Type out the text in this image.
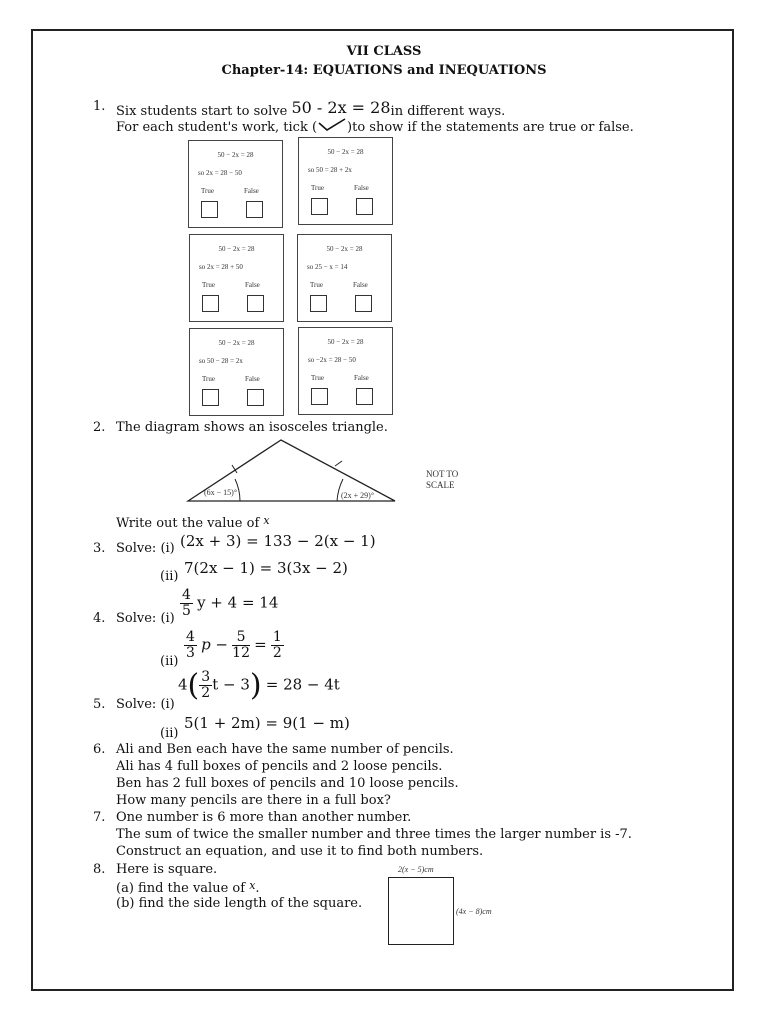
VII CLASS
Chapter-14: EQUATIONS and INEQUATIONS
1. Six students start to solve 50 - 2x = 28in different ways.
For each student's work, tick ( )to show if the statements are true or false.
50 − 2x = 28
so 2x = 28 − 50
True	False
50 − 2x = 28
so 50 = 28 + 2x
True	False
50 − 2x = 28
so 2x = 28 + 50
True	False
50 − 2x = 28
so 25 − x = 14
True	False
50 − 2x = 28
so 50 − 28 = 2x
True	False
50 − 2x = 28
so −2x = 28 − 50
True	False
2. The diagram shows an isosceles triangle.
(6x − 15)°	(2x + 29)°
NOT TO
SCALE
Write out the value of $^x$
3. Solve: (i) (2x + 3) = 133 − 2(x − 1)
(ii) 7(2x − 1) = 3(3x − 2)
4. Solve: $(i) \frac{4}{5}$ y + 4 = 14
$(ii) \frac{4}{3}$ $p - \frac{5}{12} = \frac{1}{2}$
5. Solve: (i)
$4( \frac{3}{2}$ t − 3) = 28 − 4t
(ii)
5(1 + 2m) = 9(1 − m)
6. Ali and Ben each have the same number of pencils.
Ali has 4 full boxes of pencils and 2 loose pencils.
Ben has 2 full boxes of pencils and 10 loose pencils.
How many pencils are there in a full box?
7. One number is 6 more than another number.
The sum of twice the smaller number and three times the larger number is -7.
Construct an equation, and use it to find both numbers.
8. Here is square.
(a) find the value of $^x$.
(b) find the side length of the square.
2(x − 5)cm
(4x − 8)cm
